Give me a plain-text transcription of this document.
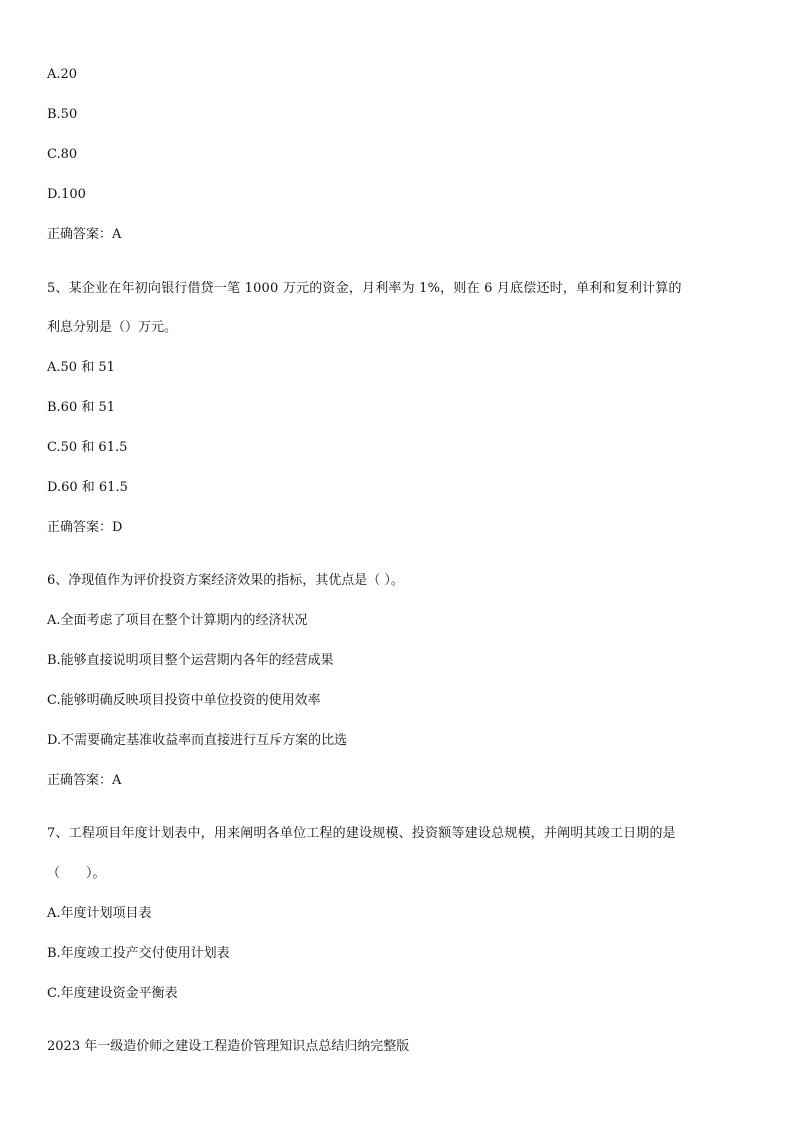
A.20
B.50
C.80
D.100
正确答案：A
5、某企业在年初向银行借贷一笔 1000 万元的资金，月利率为 1%，则在 6 月底偿还时，单利和复利计算的
利息分别是（）万元。
A.50 和 51
B.60 和 51
C.50 和 61.5
D.60 和 61.5
正确答案：D
6、净现值作为评价投资方案经济效果的指标，其优点是（ ）。
A.全面考虑了项目在整个计算期内的经济状况
B.能够直接说明项目整个运营期内各年的经营成果
C.能够明确反映项目投资中单位投资的使用效率
D.不需要确定基准收益率而直接进行互斥方案的比选
正确答案：A
7、工程项目年度计划表中，用来阐明各单位工程的建设规模、投资额等建设总规模，并阐明其竣工日期的是
（　　）。
A.年度计划项目表
B.年度竣工投产交付使用计划表
C.年度建设资金平衡表
2023 年一级造价师之建设工程造价管理知识点总结归纳完整版
